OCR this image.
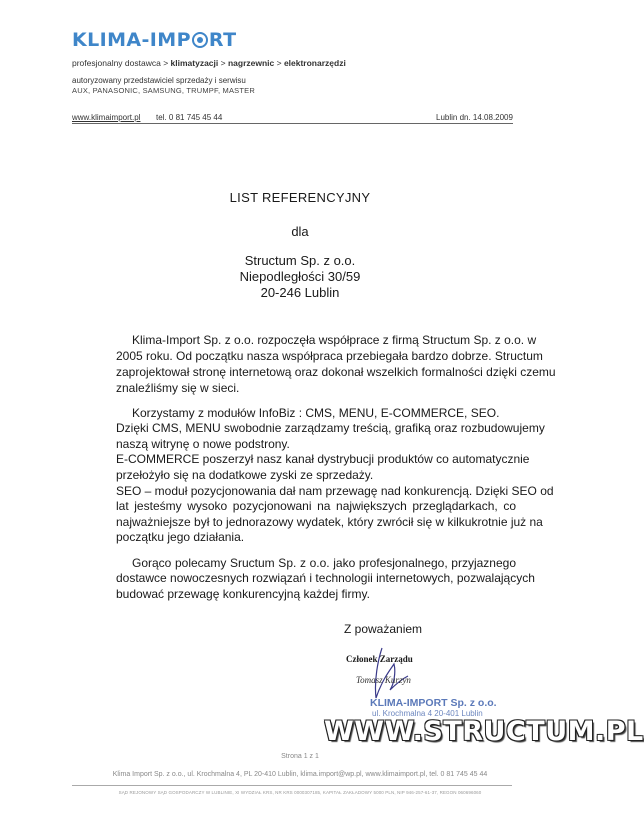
KLIMA-IMP RT
profesjonalny dostawca > klimatyzacji > nagrzewnic > elektronarzędzi
autoryzowany przedstawiciel sprzedaży i serwisu
AUX, PANASONIC, SAMSUNG, TRUMPF, MASTER
www.klimaimport.pl tel. 0 81 745 45 44	Lublin dn. 14.08.2009
LIST REFERENCYJNY
dla
Structum Sp. z o.o.
Niepodległości 30/59
20-246 Lublin
Klima-Import Sp. z o.o. rozpoczęła współprace z firmą Structum Sp. z o.o. w
2005 roku. Od początku nasza współpraca przebiegała bardzo dobrze. Structum
zaprojektował stronę internetową oraz dokonał wszelkich formalności dzięki czemu
znaleźliśmy się w sieci.
Korzystamy z modułów InfoBiz : CMS, MENU, E-COMMERCE, SEO.
Dzięki CMS, MENU swobodnie zarządzamy treścią, grafiką oraz rozbudowujemy
naszą witrynę o nowe podstrony.
E-COMMERCE poszerzył nasz kanał dystrybucji produktów co automatycznie
przełożyło się na dodatkowe zyski ze sprzedaży.
SEO – moduł pozycjonowania dał nam przewagę nad konkurencją. Dzięki SEO od
lat jesteśmy wysoko pozycjonowani na największych przeglądarkach, co
najważniejsze był to jednorazowy wydatek, który zwrócił się w kilkukrotnie już na
początku jego działania.
Gorąco polecamy Sructum Sp. z o.o. jako profesjonalnego, przyjaznego
dostawce nowoczesnych rozwiązań i technologii internetowych, pozwalających
budować przewagę konkurencyjną każdej firmy.
Z poważaniem
Członek Zarządu
Tomasz Kurzyn
KLIMA-IMPORT Sp. z o.o.
ul. Krochmalna 4 20-401 Lublin
WWW.STRUCTUM.PL
Strona 1 z 1
Klima Import Sp. z o.o., ul. Krochmalna 4, PL 20-410 Lublin, klima.import@wp.pl, www.klimaimport.pl, tel. 0 81 745 45 44
SĄD REJONOWY SĄD GOSPODARCZY W LUBLINIE, XI WYDZIAŁ KRS, NR KRS 0000307185, KAPITAŁ ZAKŁADOWY 5000 PLN, NIP 946-257-61-37, REGON 060696060
